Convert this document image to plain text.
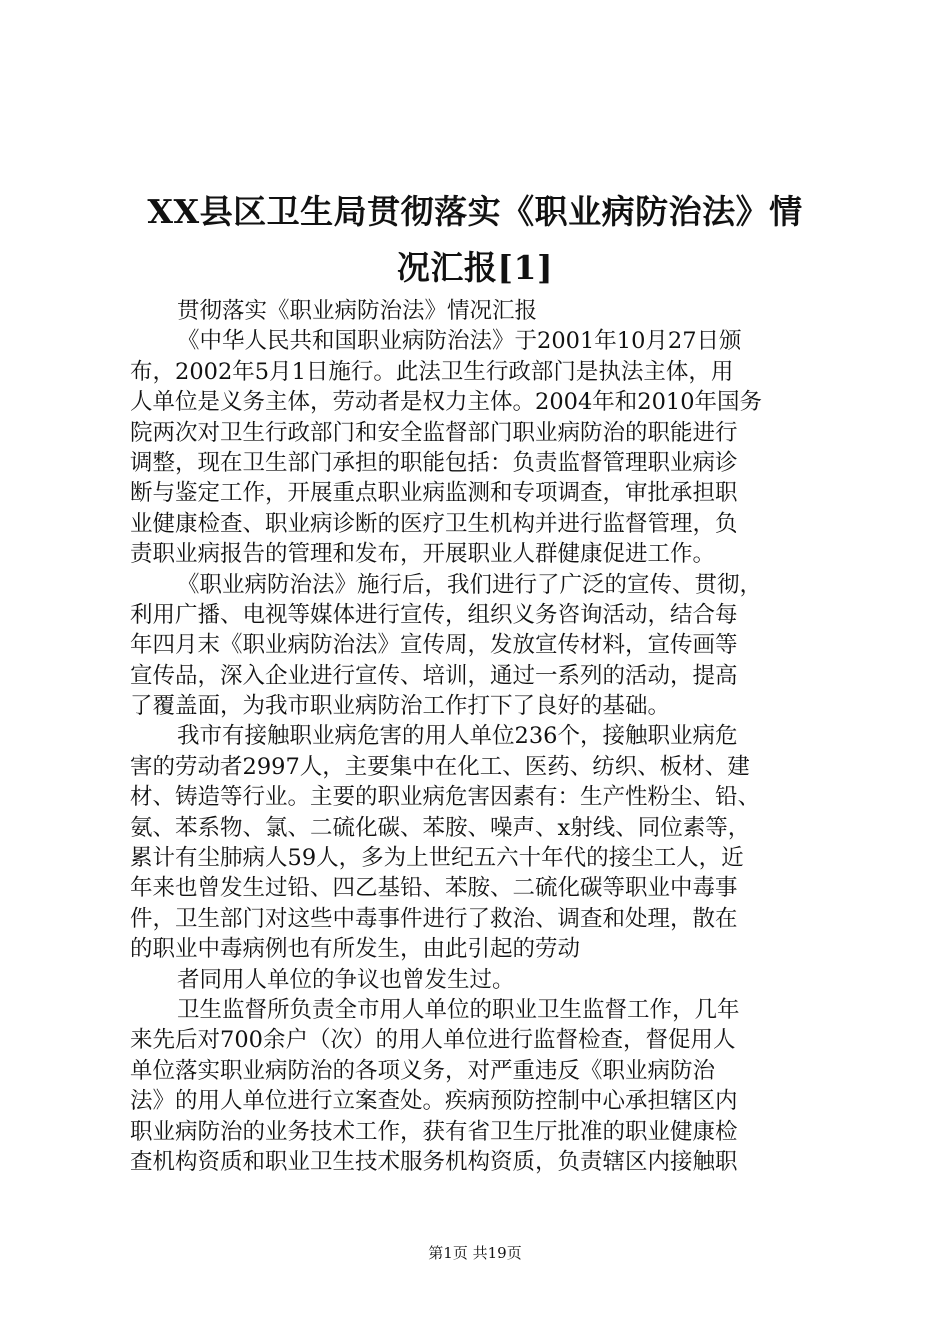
XX县区卫生局贯彻落实《职业病防治法》情
况汇报[1]
贯彻落实《职业病防治法》情况汇报
《中华人民共和国职业病防治法》于2001年10月27日颁
布，2002年5月1日施行。此法卫生行政部门是执法主体，用
人单位是义务主体，劳动者是权力主体。2004年和2010年国务
院两次对卫生行政部门和安全监督部门职业病防治的职能进行
调整，现在卫生部门承担的职能包括：负责监督管理职业病诊
断与鉴定工作，开展重点职业病监测和专项调查，审批承担职
业健康检查、职业病诊断的医疗卫生机构并进行监督管理，负
责职业病报告的管理和发布，开展职业人群健康促进工作。
《职业病防治法》施行后，我们进行了广泛的宣传、贯彻，
利用广播、电视等媒体进行宣传，组织义务咨询活动，结合每
年四月末《职业病防治法》宣传周，发放宣传材料，宣传画等
宣传品，深入企业进行宣传、培训，通过一系列的活动，提高
了覆盖面，为我市职业病防治工作打下了良好的基础。
我市有接触职业病危害的用人单位236个，接触职业病危
害的劳动者2997人，主要集中在化工、医药、纺织、板材、建
材、铸造等行业。主要的职业病危害因素有：生产性粉尘、铅、
氨、苯系物、氯、二硫化碳、苯胺、噪声、x射线、同位素等，
累计有尘肺病人59人，多为上世纪五六十年代的接尘工人，近
年来也曾发生过铅、四乙基铅、苯胺、二硫化碳等职业中毒事
件，卫生部门对这些中毒事件进行了救治、调查和处理，散在
的职业中毒病例也有所发生，由此引起的劳动
者同用人单位的争议也曾发生过。
卫生监督所负责全市用人单位的职业卫生监督工作，几年
来先后对700余户（次）的用人单位进行监督检查，督促用人
单位落实职业病防治的各项义务，对严重违反《职业病防治
法》的用人单位进行立案查处。疾病预防控制中心承担辖区内
职业病防治的业务技术工作，获有省卫生厅批准的职业健康检
查机构资质和职业卫生技术服务机构资质，负责辖区内接触职
第1页 共19页
